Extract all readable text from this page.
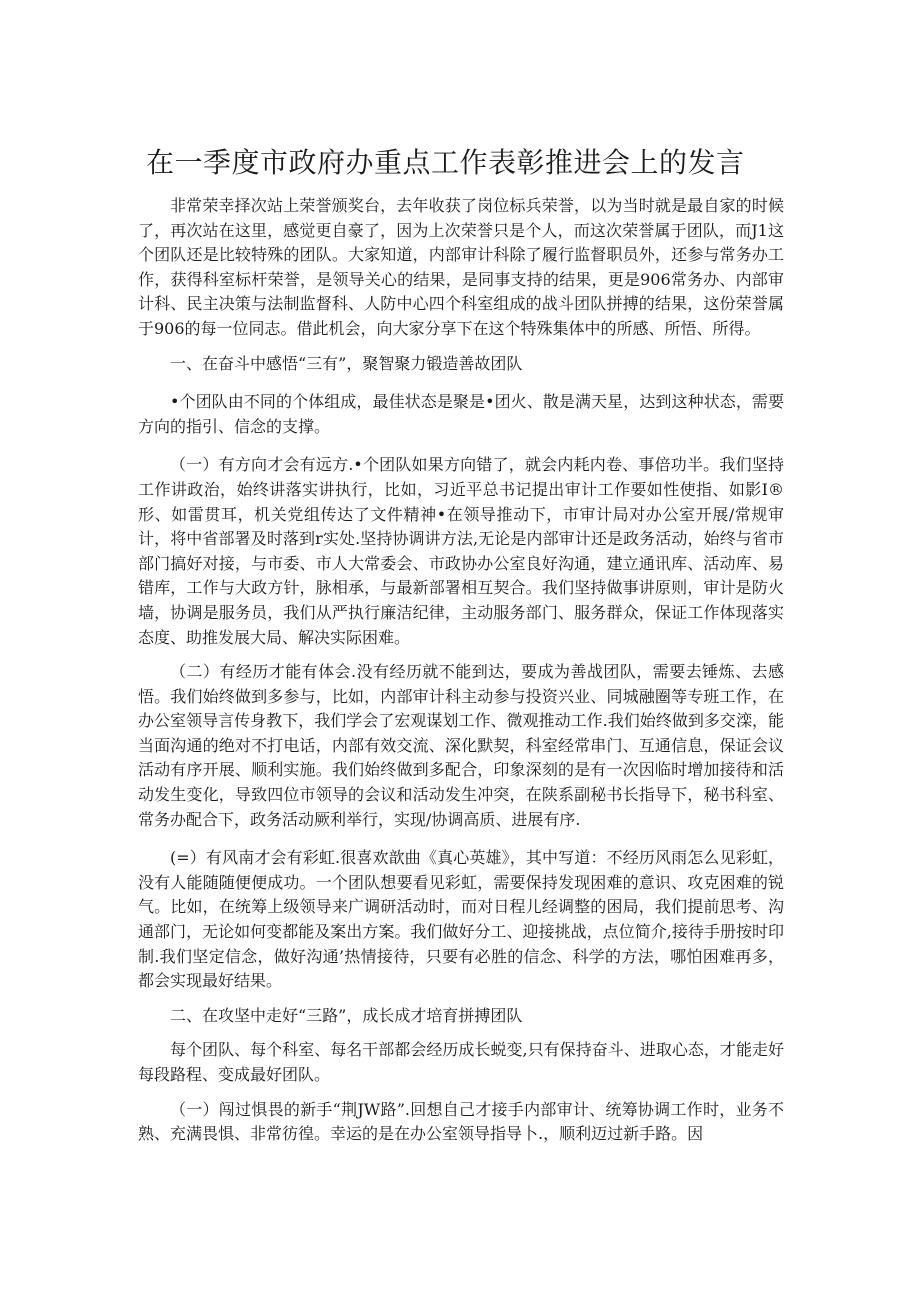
在一季度市政府办重点工作表彰推进会上的发言

非常荣幸择次站上荣誉颁奖台，去年收获了岗位标兵荣誉，以为当时就是最自家的时候了，再次站在这里，感觉更自豪了，因为上次荣誉只是个人，而这次荣誉属于团队，而J1这个团队还是比较特殊的团队。大家知道，内部审计科除了履行监督职员外，还参与常务办工作，获得科室标杆荣誉，是领导关心的结果，是同事支持的结果，更是906常务办、内部审计科、民主决策与法制监督科、人防中心四个科室组成的战斗团队拼搏的结果，这份荣誉属于906的每一位同志。借此机会，向大家分享下在这个特殊集体中的所感、所悟、所得。

一、在奋斗中感悟“三有”，聚智聚力锻造善故团队

•个团队由不同的个体组成，最佳状态是聚是•团火、散是满天星，达到这种状态，需要方向的指引、信念的支撑。

（一）有方向才会有远方.•个团队如果方向错了，就会内耗内卷、事倍功半。我们坚持工作讲政治，始终讲落实讲执行，比如，习近平总书记提出审计工作要如性使指、如影I®形、如雷贯耳，机关党组传达了文件精神•在领导推动下，市审计局对办公室开展/常规审计，将中省部署及时落到r实处.坚持协调讲方法,无论是内部审计还是政务活动，始终与省市部门搞好对接，与市委、市人大常委会、市政协办公室良好沟通，建立通讯库、活动库、易错库，工作与大政方针，脉相承，与最新部署相互契合。我们坚持做事讲原则，审计是防火墙，协调是服务员，我们从严执行廉洁纪律，主动服务部门、服务群众，保证工作体现落实态度、助推发展大局、解决实际困难。

（二）有经历才能有体会.没有经历就不能到达，要成为善战团队，需要去锤炼、去感悟。我们始终做到多参与，比如，内部审计科主动参与投资兴业、同城融圈等专班工作，在办公室领导言传身教下，我们学会了宏观谋划工作、微观推动工作.我们始终做到多交滦，能当面沟通的绝对不打电话，内部有效交流、深化默契，科室经常串门、互通信息，保证会议活动有序开展、顺利实施。我们始终做到多配合，印象深刻的是有一次因临时增加接待和活动发生变化，导致四位市领导的会议和活动发生冲突，在陕系副秘书长指导下，秘书科室、常务办配合下，政务活动厥利举行，实现/协调高质、进展有序.

(=）有风南才会有彩虹.很喜欢歆曲《真心英雄》，其中写道：不经历风雨怎么见彩虹，没有人能随随便便成功。一个团队想要看见彩虹，需要保持发现困难的意识、攻克困难的锐气。比如，在统筹上级领导来广调研活动时，而对日程儿经调整的困局，我们提前思考、沟通部门，无论如何变都能及案出方案。我们做好分工、迎接挑战，点位简介,接待手册按时印制.我们坚定信念，做好沟通’热情接待，只要有必胜的信念、科学的方法，哪怕困难再多，都会实现最好结果。

二、在攻坚中走好“三路”，成长成才培育拼搏团队

每个团队、每个科室、每名干部都会经历成长蜕变,只有保持奋斗、进取心态，才能走好每段路程、变成最好团队。

（一）闯过惧畏的新手“荆JW路”.回想自己才接手内部审计、统筹协调工作时，业务不熟、充满畏惧、非常彷徨。幸运的是在办公室领导指导卜.，顺利迈过新手路。因
